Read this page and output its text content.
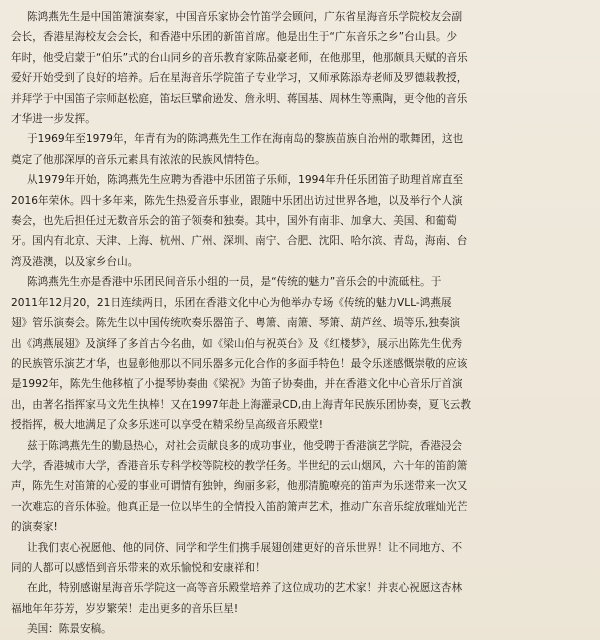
陈鸿燕先生是中国笛箫演奏家，中国音乐家协会竹笛学会顾问，广东省星海音乐学院校友会副
会长，香港星海校友会会长，和香港中乐团的新笛首席。他是出生于“广东音乐之乡”台山县。少
年时，他受启蒙于“伯乐”式的台山同乡的音乐教育家陈品豪老师，在他那里，他那颇具天赋的音乐
爱好开始受到了良好的培养。后在星海音乐学院笛子专业学习，又师承陈添寿老师及罗德栽教授，
并拜学于中国笛子宗师赵松庭，笛坛巨擘俞逊发、詹永明、蒋国基、周林生等熏陶，更令他的音乐
才华进一步发挥。

于1969年至1979年，年青有为的陈鸿燕先生工作在海南岛的黎族苗族自治州的歌舞团，这也
奠定了他那深厚的音乐元素具有浓浓的民族风情特色。

从1979年开始，陈鸿燕先生应聘为香港中乐团笛子乐师，1994年升任乐团笛子助理首席直至
2016年荣休。四十多年来，陈先生热爱音乐事业，跟随中乐团出访过世界各地，以及举行个人演
奏会，也先后担任过无数音乐会的笛子领奏和独奏。其中，国外有南非、加拿大、美国、和葡萄
牙。国内有北京、天津、上海、杭州、广州、深圳、南宁、合肥、沈阳、哈尔滨、青岛，海南、台
湾及港澳，以及家乡台山。

陈鸿燕先生亦是香港中乐团民间音乐小组的一员，是“传统的魅力”音乐会的中流砥柱。于
2011年12月20，21日连续两日，乐团在香港文化中心为他举办专场《传统的魅力VLL-鸿燕展
翅》管乐演奏会。陈先生以中国传统吹奏乐器笛子、粤箫、南箫、琴箫、葫芦丝、埙等乐,独奏演
出《鸿燕展翅》及演绎了多首古今名曲，如《梁山伯与祝英台》及《红楼梦》，展示出陈先生优秀
的民族管乐演艺才华，也显彰他那以不同乐器多元化合作的多面手特色！最令乐迷感慨崇敬的应该
是1992年，陈先生他移植了小提琴协奏曲《梁祝》为笛子协奏曲，并在香港文化中心音乐厅首演
出，由著名指挥家马文先生执棒！又在1997年赴上海灌录CD,由上海青年民族乐团协奏，夏飞云教
授指挥，极大地满足了众多乐迷可以享受在精采纷呈高级音乐殿堂!

兹于陈鸿燕先生的勤恳热心，对社会贡献良多的成功事业，他受聘于香港演艺学院，香港浸会
大学，香港城市大学，香港音乐专科学校等院校的教学任务。半世纪的云山烟风，六十年的笛韵箫
声，陈先生对笛箫的心爱的事业可谓情有独钟，绚丽多彩，他那清脆嘹亮的笛声为乐迷带来一次又
一次难忘的音乐体验。他真正是一位以毕生的全情投入笛韵箫声艺术，推动广东音乐绽放璀灿光芒
的演奏家!

让我们衷心祝愿他、他的同侪、同学和学生们携手展翅创建更好的音乐世界！让不同地方、不
同的人都可以感悟到音乐带来的欢乐愉悦和安康祥和！

在此，特别感谢星海音乐学院这一高等音乐殿堂培养了这位成功的艺术家！并衷心祝愿这杏林
福地年年芬芳，岁岁繁荣！走出更多的音乐巨星!

美国：陈景安稿。
